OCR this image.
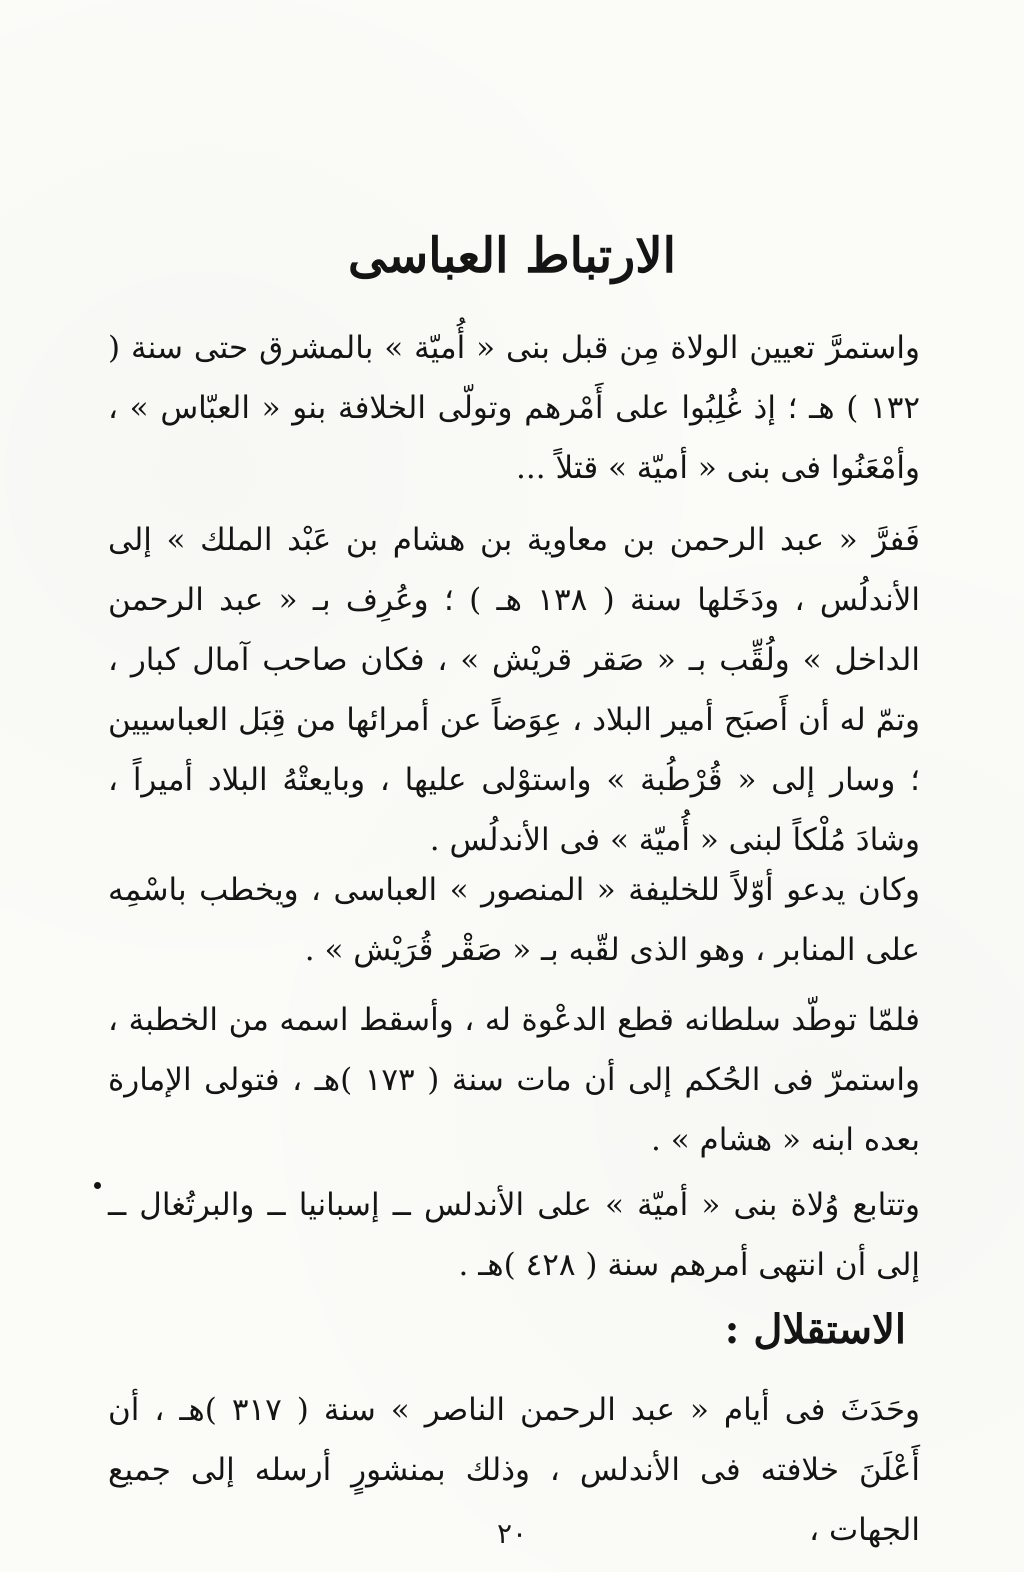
الارتباط العباسى

واستمرَّ تعيين الولاة مِن قبل بنى « أُميّة » بالمشرق حتى سنة ( ١٣٢ ) هـ ؛ إذ غُلِبُوا على أَمْرهم وتولّى الخلافة بنو « العبّاس » ، وأمْعَنُوا فى بنى « أميّة » قتلاً ...

فَفرَّ « عبد الرحمن بن معاوية بن هشام بن عَبْد الملك » إلى الأندلُس ، ودَخَلها سنة ( ١٣٨ هـ ) ؛ وعُرِف بـ « عبد الرحمن الداخل » ولُقِّب بـ « صَقر قريْش » ، فكان صاحب آمال كبار ، وتمّ له أن أَصبَح أمير البلاد ، عِوَضاً عن أمرائها من قِبَل العباسيين ؛ وسار إلى « قُرْطُبة » واستوْلى عليها ، وبايعتْهُ البلاد أميراً ، وشادَ مُلْكاً لبنى « أُميّة » فى الأندلُس .

وكان يدعو أوّلاً للخليفة « المنصور » العباسى ، ويخطب باسْمِه على المنابر ، وهو الذى لقّبه بـ « صَقْر قُرَيْش » .

فلمّا توطّد سلطانه قطع الدعْوة له ، وأسقط اسمه من الخطبة ، واستمرّ فى الحُكم إلى أن مات سنة ( ١٧٣ )هـ ، فتولى الإمارة بعده ابنه « هشام » .

وتتابع وُلاة بنى « أميّة » على الأندلس ــ إسبانيا ــ والبرتُغال ــ إلى أن انتهى أمرهم سنة ( ٤٢٨ )هـ .

الاستقلال :

وحَدَثَ فى أيام « عبد الرحمن الناصر » سنة ( ٣١٧ )هـ ، أن أَعْلَنَ خلافته فى الأندلس ، وذلك بمنشورٍ أرسله إلى جميع الجهات ،

٢٠
